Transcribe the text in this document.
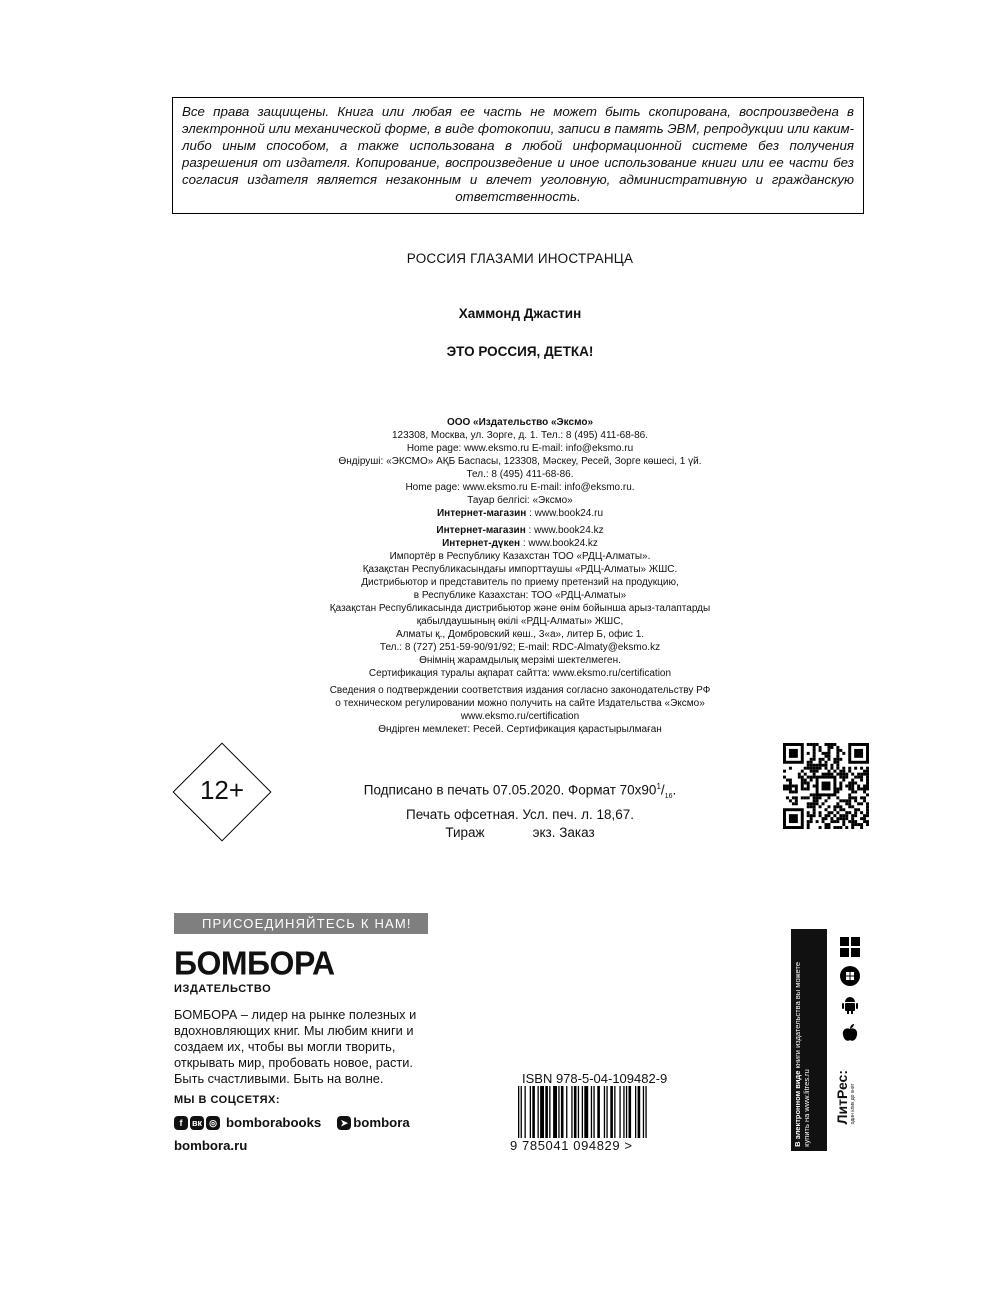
Все права защищены. Книга или любая ее часть не может быть скопирована, воспроизведена в электронной или механической форме, в виде фотокопии, записи в память ЭВМ, репродукции или каким-либо иным способом, а также использована в любой информационной системе без получения разрешения от издателя. Копирование, воспроизведение и иное использование книги или ее части без согласия издателя является незаконным и влечет уголовную, административную и гражданскую ответственность.
РОССИЯ ГЛАЗАМИ ИНОСТРАНЦА
Хаммонд Джастин
ЭТО РОССИЯ, ДЕТКА!
ООО «Издательство «Эксмо»
123308, Москва, ул. Зорге, д. 1. Тел.: 8 (495) 411-68-86.
Home page: www.eksmo.ru E-mail: info@eksmo.ru
Өндіруші: «ЭКСМО» АҚБ Баспасы, 123308, Мәскеу, Ресей, Зорге көшесі, 1 үй.
Тел.: 8 (495) 411-68-86.
Home page: www.eksmo.ru E-mail: info@eksmo.ru.
Тауар белгісі: «Эксмо»
Интернет-магазин : www.book24.ru
Интернет-магазин : www.book24.kz
Интернет-дүкен : www.book24.kz
Импортёр в Республику Казахстан ТОО «РДЦ-Алматы».
Қазақстан Республикасындағы импорттаушы «РДЦ-Алматы» ЖШС.
Дистрибьютор и представитель по приему претензий на продукцию,
в Республике Казахстан: ТОО «РДЦ-Алматы»
Қазақстан Республикасында дистрибьютор және өнім бойынша арыз-талаптарды
қабылдаушының өкілі «РДЦ-Алматы» ЖШС,
Алматы қ., Домбровский көш., 3«а», литер Б, офис 1.
Тел.: 8 (727) 251-59-90/91/92; E-mail: RDC-Almaty@eksmo.kz
Өнімнің жарамдылық мерзімі шектелмеген.
Сертификация туралы ақпарат сайтта: www.eksmo.ru/certification
Сведения о подтверждении соответствия издания согласно законодательству РФ
о техническом регулировании можно получить на сайте Издательства «Эксмо»
www.eksmo.ru/certification
Өндірген мемлекет: Ресей. Сертификация қарастырылмаған
12+	Подписано в печать 07.05.2020. Формат $70x90^1/_{16}$.
Печать офсетная. Усл. печ. л. 18,67.
Тираж	экз. Заказ
ПРИСОЕДИНЯЙТЕСЬ К НАМ!
БОМБОРА
ИЗДАТЕЛЬСТВО
БОМБОРА – лидер на рынке полезных и вдохновляющих книг. Мы любим книги и создаем их, чтобы вы могли творить, открывать мир, пробовать новое, расти. Быть счастливыми. Быть на волне.
МЫ В СОЦСЕТЯХ:
f	вк ◎ bomborabooks	➤ bombora
bombora.ru
ISBN 978-5-04-109482-9
9 785041 094829 >	В электронном виде книги издательства вы можете
купить на www.litres.ru ЛитРес: один клик до книг
